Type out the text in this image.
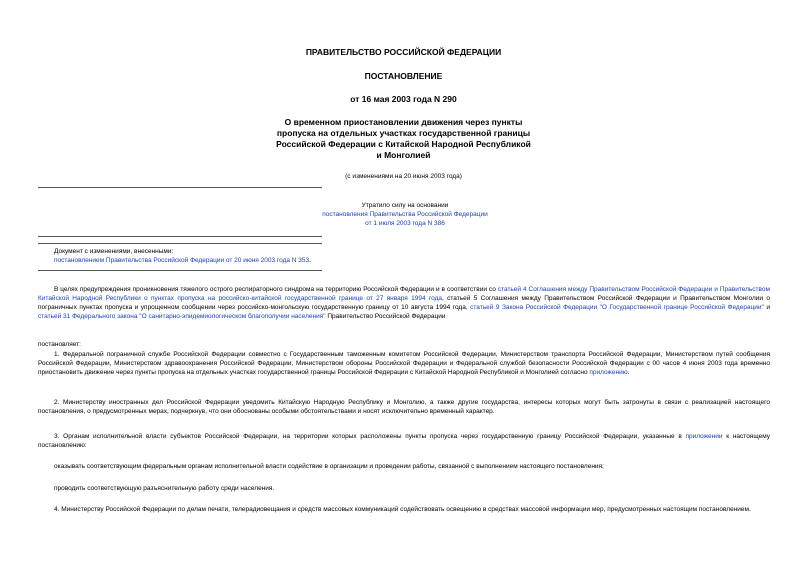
ПРАВИТЕЛЬСТВО РОССИЙСКОЙ ФЕДЕРАЦИИ
ПОСТАНОВЛЕНИЕ
от 16 мая 2003 года N 290
О временном приостановлении движения через пункты
пропуска на отдельных участках государственной границы
Российской Федерации с Китайской Народной Республикой
и Монголией
(с изменениями на 20 июня 2003 года)
Утратило силу на основании
постановления Правительства Российской Федерации
от 1 июля 2003 года N 386
Документ с изменениями, внесенными:
постановлением Правительства Российской Федерации от 20 июня 2003 года N 353.
В целях предупреждения проникновения тяжелого острого респираторного синдрома на территорию Российской Федерации и в соответствии со статьей 4 Соглашения между Правительством Российской Федерации и Правительством Китайской Народной Республики о пунктах пропуска на российско-китайской государственной границе от 27 января 1994 года, статьей 5 Соглашения между Правительством Российской Федерации и Правительством Монголии о пограничных пунктах пропуска и упрощенном сообщении через российско-монгольскую государственную границу от 10 августа 1994 года, статьей 9 Закона Российской Федерации "О Государственной границе Российской Федерации" и статьей 31 Федерального закона "О санитарно-эпидемиологическом благополучии населения" Правительство Российской Федерации
постановляет:
1. Федеральной пограничной службе Российской Федерации совместно с Государственным таможенным комитетом Российской Федерации, Министерством транспорта Российской Федерации, Министерством путей сообщения Российской Федерации, Министерством здравоохранения Российской Федерации, Министерством обороны Российской Федерации и Федеральной службой безопасности Российской Федерации с 00 часов 4 июня 2003 года временно приостановить движение через пункты пропуска на отдельных участках государственной границы Российской Федерации с Китайской Народной Республикой и Монголией согласно приложению.
2. Министерству иностранных дел Российской Федерации уведомить Китайскую Народную Республику и Монголию, а также другие государства, интересы которых могут быть затронуты в связи с реализацией настоящего постановления, о предусмотренных мерах, подчеркнув, что они обоснованы особыми обстоятельствами и носят исключительно временный характер.
3. Органам исполнительной власти субъектов Российской Федерации, на территории которых расположены пункты пропуска через государственную границу Российской Федерации, указанные в приложении к настоящему постановлению:
оказывать соответствующим федеральным органам исполнительной власти содействие в организации и проведении работы, связанной с выполнением настоящего постановления;
проводить соответствующую разъяснительную работу среди населения.
4. Министерству Российской Федерации по делам печати, телерадиовещания и средств массовых коммуникаций содействовать освещению в средствах массовой информации мер, предусмотренных настоящим постановлением.
